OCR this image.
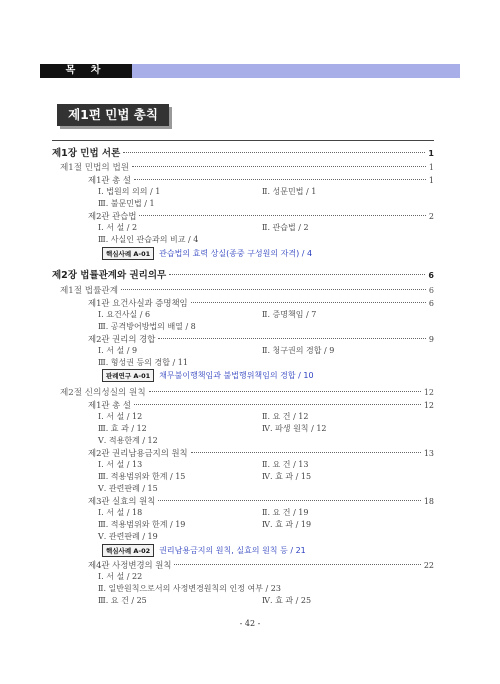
목 차
제1편 민법 총칙
제1장 민법 서론	1
제1절 민법의 법원	1
제1관 총 설	1
Ⅰ. 법원의 의의 / 1	Ⅱ. 성문민법 / 1
Ⅲ. 불문민법 / 1
제2관 관습법	2
Ⅰ. 서 설 / 2	Ⅱ. 관습법 / 2
Ⅲ. 사실인 관습과의 비교 / 4
핵심사례 A-01	관습법의 효력 상실(종중 구성원의 자격) / 4
제2장 법률관계와 권리의무	6
제1절 법률관계	6
제1관 요건사실과 증명책임	6
Ⅰ. 요건사실 / 6	Ⅱ. 증명책임 / 7
Ⅲ. 공격방어방법의 배열 / 8
제2관 권리의 경합	9
Ⅰ. 서 설 / 9	Ⅱ. 청구권의 경합 / 9
Ⅲ. 형성권 등의 경합 / 11
판례연구 A-01	채무불이행책임과 불법행위책임의 경합 / 10
제2절 신의성실의 원칙	12
제1관 총 설	12
Ⅰ. 서 설 / 12	Ⅱ. 요 건 / 12
Ⅲ. 효 과 / 12	Ⅳ. 파생 원칙 / 12
Ⅴ. 적용한계 / 12
제2관 권리남용금지의 원칙	13
Ⅰ. 서 설 / 13	Ⅱ. 요 건 / 13
Ⅲ. 적용범위와 한계 / 15	Ⅳ. 효 과 / 15
Ⅴ. 관련판례 / 15
제3관 실효의 원칙	18
Ⅰ. 서 설 / 18	Ⅱ. 요 건 / 19
Ⅲ. 적용범위와 한계 / 19	Ⅳ. 효 과 / 19
Ⅴ. 관련판례 / 19
핵심사례 A-02	권리남용금지의 원칙, 실효의 원칙 등 / 21
제4관 사정변경의 원칙	22
Ⅰ. 서 설 / 22
Ⅱ. 일반원칙으로서의 사정변경원칙의 인정 여부 / 23
Ⅲ. 요 건 / 25	Ⅳ. 효 과 / 25
- 42 -
